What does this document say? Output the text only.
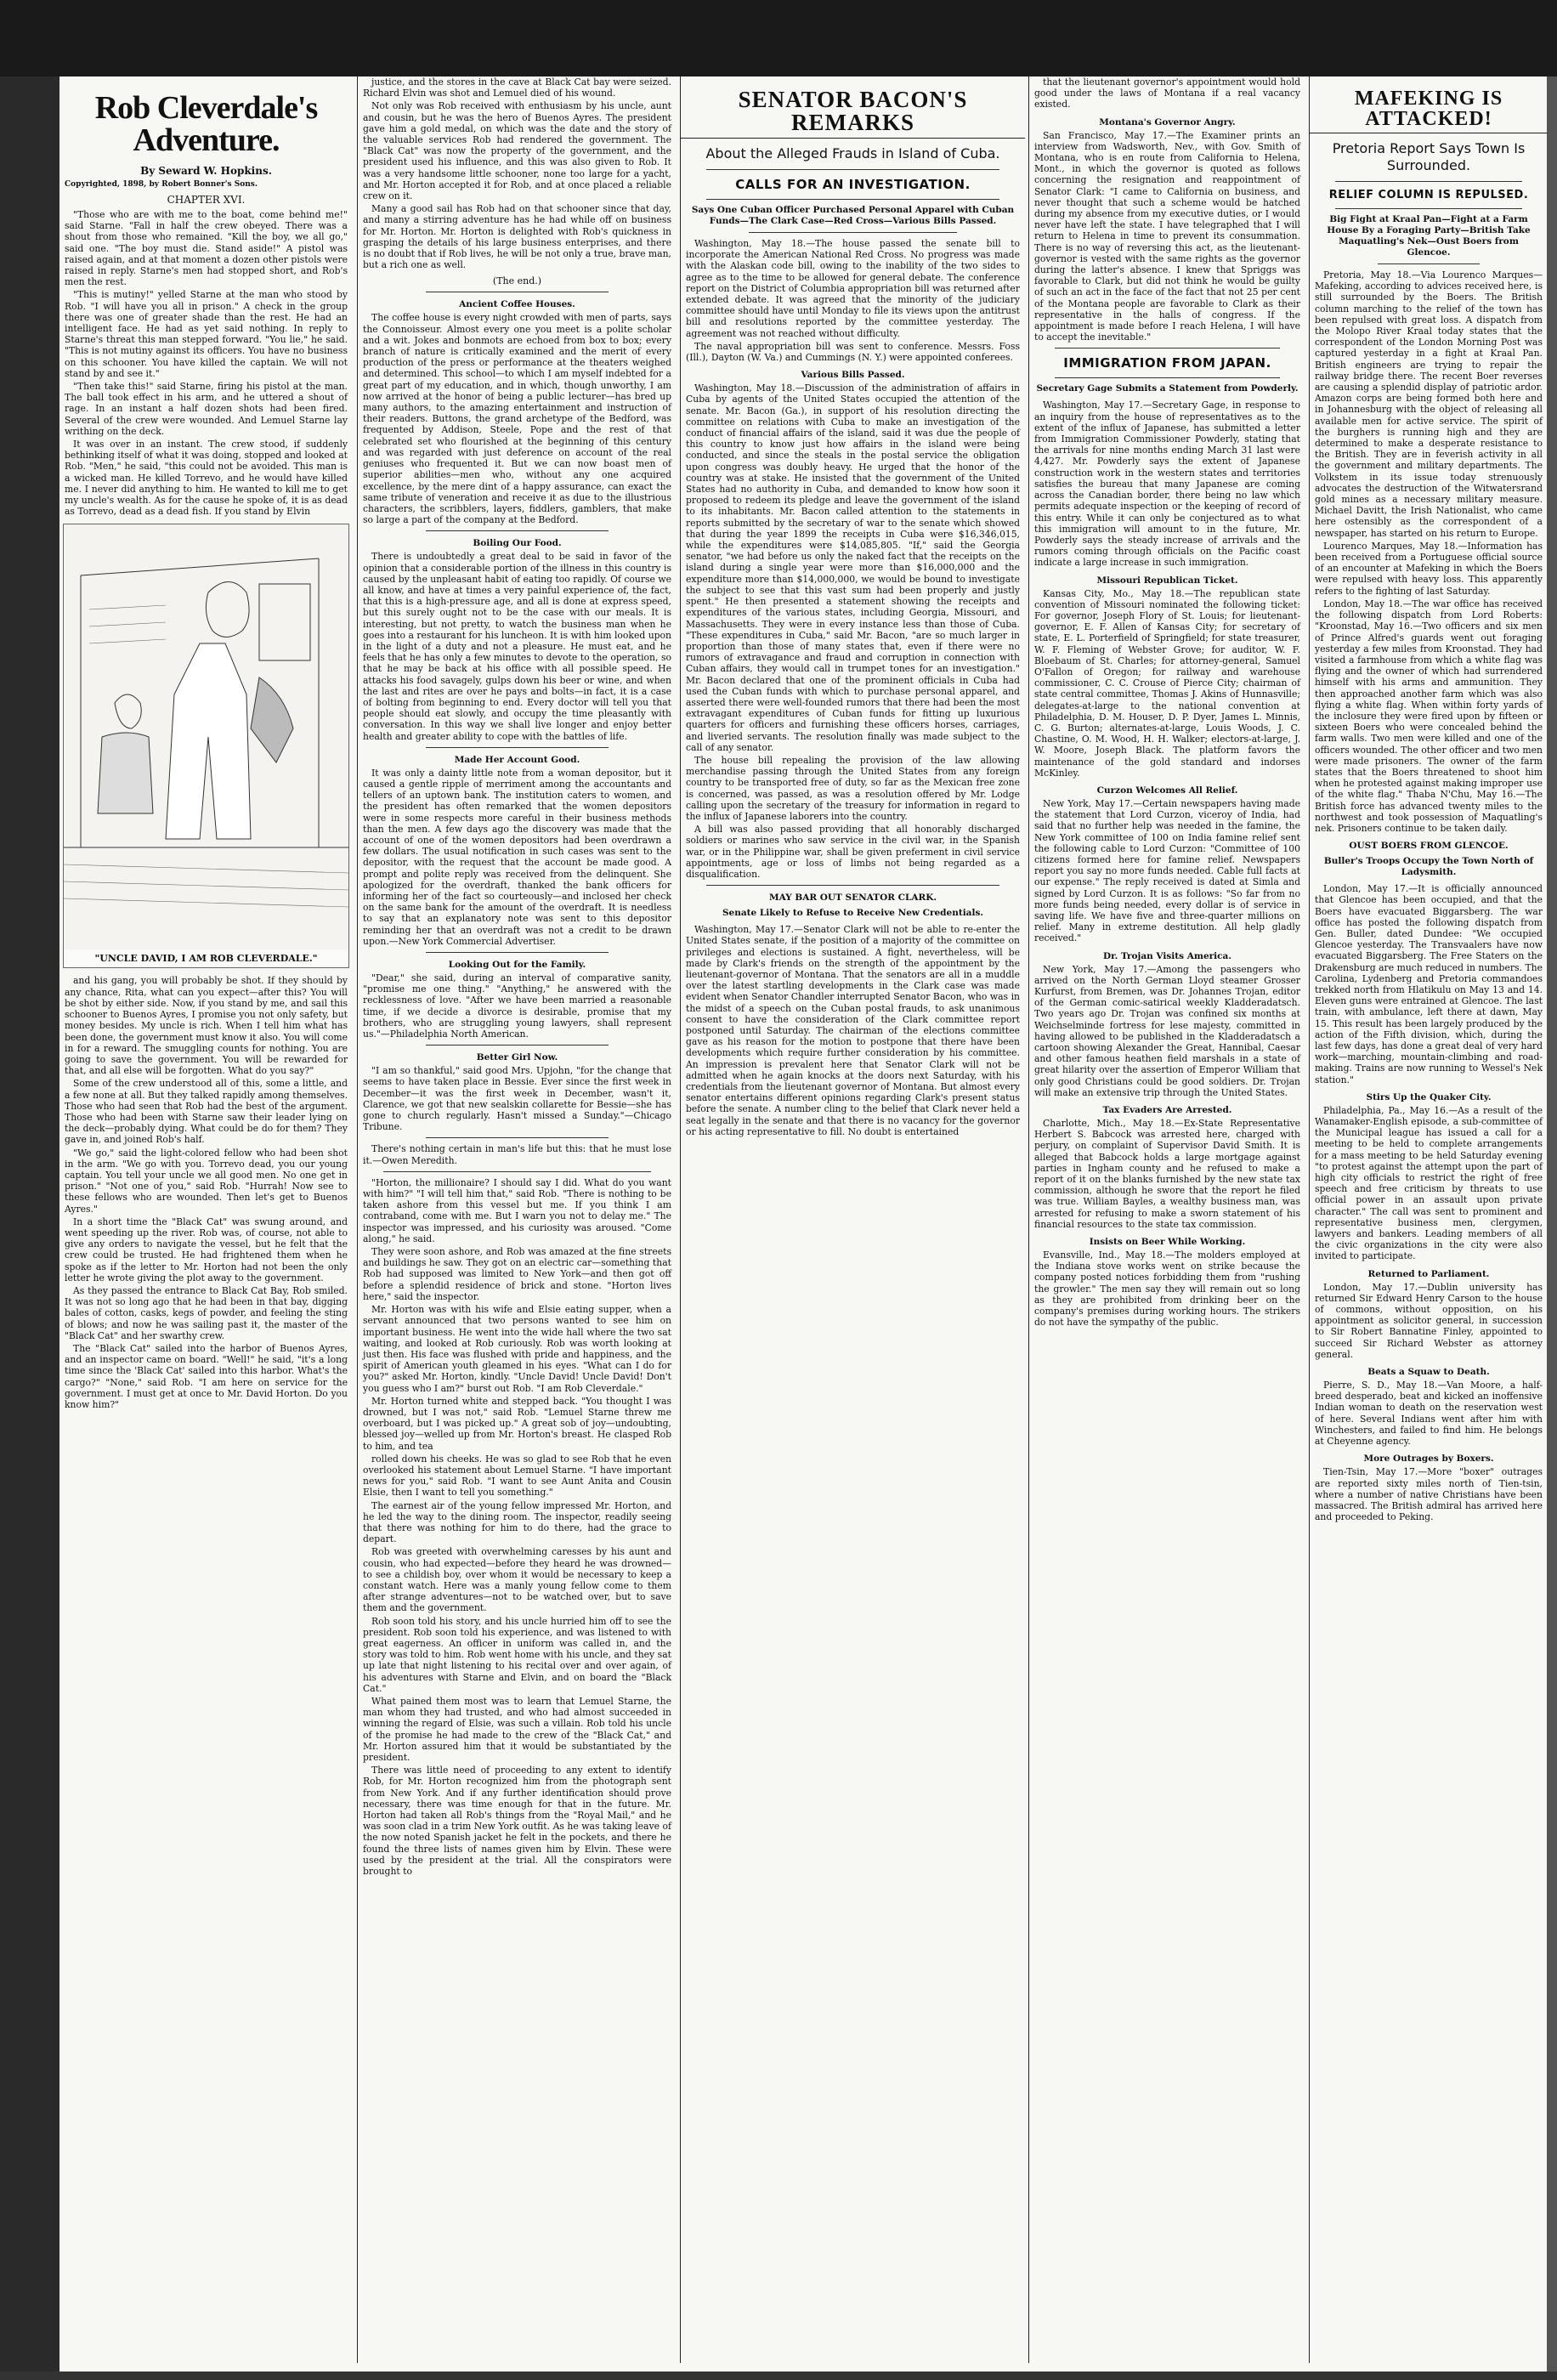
Rob Cleverdale's Adventure.
By Seward W. Hopkins.
Copyrighted, 1898, by Robert Bonner's Sons.
CHAPTER XVI.

"Those who are with me to the boat, come behind me!" said Starne. "Fall in half the crew obeyed. There was a shout from those who remained. "Kill the boy, we all go," said one. "The boy must die. Stand aside!" A pistol was raised again, and at that moment a dozen other pistols were raised in reply. Starne's men had stopped short, and Rob's men the rest.

"This is mutiny!" yelled Starne at the man who stood by Rob. "I will have you all in prison." A check in the group there was one of greater shade than the rest. He had an intelligent face. He had as yet said nothing. In reply to Starne's threat this man stepped forward. "You lie," he said. "This is not mutiny against its officers. You have no business on this schooner. You have killed the captain. We will not stand by and see it."

"Then take this!" said Starne, firing his pistol at the man. The ball took effect in his arm, and he uttered a shout of rage. In an instant a half dozen shots had been fired. Several of the crew were wounded. And Lemuel Starne lay writhing on the deck.

It was over in an instant. The crew stood, if suddenly bethinking itself of what it was doing, stopped and looked at Rob. "Men," he said, "this could not be avoided. This man is a wicked man. He killed Torrevo, and he would have killed me. I never did anything to him. He wanted to kill me to get my uncle's wealth. As for the cause he spoke of, it is as dead as Torrevo, dead as a dead fish. If you stand by Elvin

"UNCLE DAVID, I AM ROB CLEVERDALE."

and his gang, you will probably be shot. If they should by any chance, Rita, what can you expect—after this? You will be shot by either side. Now, if you stand by me, and sail this schooner to Buenos Ayres, I promise you not only safety, but money besides. My uncle is rich. When I tell him what has been done, the government must know it also. You will come in for a reward. The smuggling counts for nothing. You are going to save the government. You will be rewarded for that, and all else will be forgotten. What do you say?"

Some of the crew understood all of this, some a little, and a few none at all. But they talked rapidly among themselves. Those who had seen that Rob had the best of the argument. Those who had been with Starne saw their leader lying on the deck—probably dying. What could be do for them? They gave in, and joined Rob's half.

"We go," said the light-colored fellow who had been shot in the arm. "We go with you. Torrevo dead, you our young captain. You tell your uncle we all good men. No one get in prison." "Not one of you," said Rob. "Hurrah! Now see to these fellows who are wounded. Then let's get to Buenos Ayres."

In a short time the "Black Cat" was swung around, and went speeding up the river. Rob was, of course, not able to give any orders to navigate the vessel, but he felt that the crew could be trusted. He had frightened them when he spoke as if the letter to Mr. Horton had not been the only letter he wrote giving the plot away to the government.

As they passed the entrance to Black Cat Bay, Rob smiled. It was not so long ago that he had been in that bay, digging bales of cotton, casks, kegs of powder, and feeling the sting of blows; and now he was sailing past it, the master of the "Black Cat" and her swarthy crew.

The "Black Cat" sailed into the harbor of Buenos Ayres, and an inspector came on board. "Well!" he said, "it's a long time since the 'Black Cat' sailed into this harbor. What's the cargo?" "None," said Rob. "I am here on service for the government. I must get at once to Mr. David Horton. Do you know him?"

justice, and the stores in the cave at Black Cat bay were seized. Richard Elvin was shot and Lemuel died of his wound.

Not only was Rob received with enthusiasm by his uncle, aunt and cousin, but he was the hero of Buenos Ayres. The president gave him a gold medal, on which was the date and the story of the valuable services Rob had rendered the government. The "Black Cat" was now the property of the government, and the president used his influence, and this was also given to Rob. It was a very handsome little schooner, none too large for a yacht, and Mr. Horton accepted it for Rob, and at once placed a reliable crew on it.

Many a good sail has Rob had on that schooner since that day, and many a stirring adventure has he had while off on business for Mr. Horton. Mr. Horton is delighted with Rob's quickness in grasping the details of his large business enterprises, and there is no doubt that if Rob lives, he will be not only a true, brave man, but a rich one as well.

(The end.)
Ancient Coffee Houses.

The coffee house is every night crowded with men of parts, says the Connoisseur. Almost every one you meet is a polite scholar and a wit. Jokes and bonmots are echoed from box to box; every branch of nature is critically examined and the merit of every production of the press or performance at the theaters weighed and determined. This school—to which I am myself indebted for a great part of my education, and in which, though unworthy, I am now arrived at the honor of being a public lecturer—has bred up many authors, to the amazing entertainment and instruction of their readers. Buttons, the grand archetype of the Bedford, was frequented by Addison, Steele, Pope and the rest of that celebrated set who flourished at the beginning of this century and was regarded with just deference on account of the real geniuses who frequented it. But we can now boast men of superior abilities—men who, without any one acquired excellence, by the mere dint of a happy assurance, can exact the same tribute of veneration and receive it as due to the illustrious characters, the scribblers, layers, fiddlers, gamblers, that make so large a part of the company at the Bedford.

Boiling Our Food.

There is undoubtedly a great deal to be said in favor of the opinion that a considerable portion of the illness in this country is caused by the unpleasant habit of eating too rapidly. Of course we all know, and have at times a very painful experience of, the fact, that this is a high-pressure age, and all is done at express speed, but this surely ought not to be the case with our meals. It is interesting, but not pretty, to watch the business man when he goes into a restaurant for his luncheon. It is with him looked upon in the light of a duty and not a pleasure. He must eat, and he feels that he has only a few minutes to devote to the operation, so that he may be back at his office with all possible speed. He attacks his food savagely, gulps down his beer or wine, and when the last and rites are over he pays and bolts—in fact, it is a case of bolting from beginning to end. Every doctor will tell you that people should eat slowly, and occupy the time pleasantly with conversation. In this way we shall live longer and enjoy better health and greater ability to cope with the battles of life.

Made Her Account Good.

It was only a dainty little note from a woman depositor, but it caused a gentle ripple of merriment among the accountants and tellers of an uptown bank. The institution caters to women, and the president has often remarked that the women depositors were in some respects more careful in their business methods than the men. A few days ago the discovery was made that the account of one of the women depositors had been overdrawn a few dollars. The usual notification in such cases was sent to the depositor, with the request that the account be made good. A prompt and polite reply was received from the delinquent. She apologized for the overdraft, thanked the bank officers for informing her of the fact so courteously—and inclosed her check on the same bank for the amount of the overdraft. It is needless to say that an explanatory note was sent to this depositor reminding her that an overdraft was not a credit to be drawn upon.—New York Commercial Advertiser.

Looking Out for the Family.

"Dear," she said, during an interval of comparative sanity, "promise me one thing." "Anything," he answered with the recklessness of love. "After we have been married a reasonable time, if we decide a divorce is desirable, promise that my brothers, who are struggling young lawyers, shall represent us."—Philadelphia North American.

Better Girl Now.

"I am so thankful," said good Mrs. Upjohn, "for the change that seems to have taken place in Bessie. Ever since the first week in December—it was the first week in December, wasn't it, Clarence, we got that new sealskin collarette for Bessie—she has gone to church regularly. Hasn't missed a Sunday."—Chicago Tribune.

There's nothing certain in man's life but this: that he must lose it.—Owen Meredith.

"Horton, the millionaire? I should say I did. What do you want with him?" "I will tell him that," said Rob. "There is nothing to be taken ashore from this vessel but me. If you think I am contraband, come with me. But I warn you not to delay me." The inspector was impressed, and his curiosity was aroused. "Come along," he said.

They were soon ashore, and Rob was amazed at the fine streets and buildings he saw. They got on an electric car—something that Rob had supposed was limited to New York—and then got off before a splendid residence of brick and stone. "Horton lives here," said the inspector.

Mr. Horton was with his wife and Elsie eating supper, when a servant announced that two persons wanted to see him on important business. He went into the wide hall where the two sat waiting, and looked at Rob curiously. Rob was worth looking at just then. His face was flushed with pride and happiness, and the spirit of American youth gleamed in his eyes. "What can I do for you?" asked Mr. Horton, kindly. "Uncle David! Uncle David! Don't you guess who I am?" burst out Rob. "I am Rob Cleverdale."

Mr. Horton turned white and stepped back. "You thought I was drowned, but I was not," said Rob. "Lemuel Starne threw me overboard, but I was picked up." A great sob of joy—undoubting, blessed joy—welled up from Mr. Horton's breast. He clasped Rob to him, and tea

rolled down his cheeks. He was so glad to see Rob that he even overlooked his statement about Lemuel Starne. "I have important news for you," said Rob. "I want to see Aunt Anita and Cousin Elsie, then I want to tell you something."

The earnest air of the young fellow impressed Mr. Horton, and he led the way to the dining room. The inspector, readily seeing that there was nothing for him to do there, had the grace to depart.

Rob was greeted with overwhelming caresses by his aunt and cousin, who had expected—before they heard he was drowned—to see a childish boy, over whom it would be necessary to keep a constant watch. Here was a manly young fellow come to them after strange adventures—not to be watched over, but to save them and the government.

Rob soon told his story, and his uncle hurried him off to see the president. Rob soon told his experience, and was listened to with great eagerness. An officer in uniform was called in, and the story was told to him. Rob went home with his uncle, and they sat up late that night listening to his recital over and over again, of his adventures with Starne and Elvin, and on board the "Black Cat."

What pained them most was to learn that Lemuel Starne, the man whom they had trusted, and who had almost succeeded in winning the regard of Elsie, was such a villain. Rob told his uncle of the promise he had made to the crew of the "Black Cat," and Mr. Horton assured him that it would be substantiated by the president.

There was little need of proceeding to any extent to identify Rob, for Mr. Horton recognized him from the photograph sent from New York. And if any further identification should prove necessary, there was time enough for that in the future. Mr. Horton had taken all Rob's things from the "Royal Mail," and he was soon clad in a trim New York outfit. As he was taking leave of the now noted Spanish jacket he felt in the pockets, and there he found the three lists of names given him by Elvin. These were used by the president at the trial. All the conspirators were brought to

SENATOR BACON'S REMARKS
About the Alleged Frauds in Island of Cuba.
CALLS FOR AN INVESTIGATION.
Says One Cuban Officer Purchased Personal Apparel with Cuban Funds—The Clark Case—Red Cross—Various Bills Passed.

Washington, May 18.—The house passed the senate bill to incorporate the American National Red Cross. No progress was made with the Alaskan code bill, owing to the inability of the two sides to agree as to the time to be allowed for general debate. The conference report on the District of Columbia appropriation bill was returned after extended debate. It was agreed that the minority of the judiciary committee should have until Monday to file its views upon the antitrust bill and resolutions reported by the committee yesterday. The agreement was not reached without difficulty.

The naval appropriation bill was sent to conference. Messrs. Foss (Ill.), Dayton (W. Va.) and Cummings (N. Y.) were appointed conferees.

Various Bills Passed.

Washington, May 18.—Discussion of the administration of affairs in Cuba by agents of the United States occupied the attention of the senate. Mr. Bacon (Ga.), in support of his resolution directing the committee on relations with Cuba to make an investigation of the conduct of financial affairs of the island, said it was due the people of this country to know just how affairs in the island were being conducted, and since the steals in the postal service the obligation upon congress was doubly heavy. He urged that the honor of the country was at stake. He insisted that the government of the United States had no authority in Cuba, and demanded to know how soon it proposed to redeem its pledge and leave the government of the island to its inhabitants. Mr. Bacon called attention to the statements in reports submitted by the secretary of war to the senate which showed that during the year 1899 the receipts in Cuba were $16,346,015, while the expenditures were $14,085,805. "If," said the Georgia senator, "we had before us only the naked fact that the receipts on the island during a single year were more than $16,000,000 and the expenditure more than $14,000,000, we would be bound to investigate the subject to see that this vast sum had been properly and justly spent." He then presented a statement showing the receipts and expenditures of the various states, including Georgia, Missouri, and Massachusetts. They were in every instance less than those of Cuba. "These expenditures in Cuba," said Mr. Bacon, "are so much larger in proportion than those of many states that, even if there were no rumors of extravagance and fraud and corruption in connection with Cuban affairs, they would call in trumpet tones for an investigation." Mr. Bacon declared that one of the prominent officials in Cuba had used the Cuban funds with which to purchase personal apparel, and asserted there were well-founded rumors that there had been the most extravagant expenditures of Cuban funds for fitting up luxurious quarters for officers and furnishing these officers horses, carriages, and liveried servants. The resolution finally was made subject to the call of any senator.

The house bill repealing the provision of the law allowing merchandise passing through the United States from any foreign country to be transported free of duty, so far as the Mexican free zone is concerned, was passed, as was a resolution offered by Mr. Lodge calling upon the secretary of the treasury for information in regard to the influx of Japanese laborers into the country.

A bill was also passed providing that all honorably discharged soldiers or marines who saw service in the civil war, in the Spanish war, or in the Philippine war, shall be given preferment in civil service appointments, age or loss of limbs not being regarded as a disqualification.

MAY BAR OUT SENATOR CLARK.
Senate Likely to Refuse to Receive New Credentials.

Washington, May 17.—Senator Clark will not be able to re-enter the United States senate, if the position of a majority of the committee on privileges and elections is sustained. A fight, nevertheless, will be made by Clark's friends on the strength of the appointment by the lieutenant-governor of Montana. That the senators are all in a muddle over the latest startling developments in the Clark case was made evident when Senator Chandler interrupted Senator Bacon, who was in the midst of a speech on the Cuban postal frauds, to ask unanimous consent to have the consideration of the Clark committee report postponed until Saturday. The chairman of the elections committee gave as his reason for the motion to postpone that there have been developments which require further consideration by his committee. An impression is prevalent here that Senator Clark will not be admitted when he again knocks at the doors next Saturday, with his credentials from the lieutenant governor of Montana. But almost every senator entertains different opinions regarding Clark's present status before the senate. A number cling to the belief that Clark never held a seat legally in the senate and that there is no vacancy for the governor or his acting representative to fill. No doubt is entertained

that the lieutenant governor's appointment would hold good under the laws of Montana if a real vacancy existed.

Montana's Governor Angry.

San Francisco, May 17.—The Examiner prints an interview from Wadsworth, Nev., with Gov. Smith of Montana, who is en route from California to Helena, Mont., in which the governor is quoted as follows concerning the resignation and reappointment of Senator Clark: "I came to California on business, and never thought that such a scheme would be hatched during my absence from my executive duties, or I would never have left the state. I have telegraphed that I will return to Helena in time to prevent its consummation. There is no way of reversing this act, as the lieutenant-governor is vested with the same rights as the governor during the latter's absence. I knew that Spriggs was favorable to Clark, but did not think he would be guilty of such an act in the face of the fact that not 25 per cent of the Montana people are favorable to Clark as their representative in the halls of congress. If the appointment is made before I reach Helena, I will have to accept the inevitable."

IMMIGRATION FROM JAPAN.
Secretary Gage Submits a Statement from Powderly.

Washington, May 17.—Secretary Gage, in response to an inquiry from the house of representatives as to the extent of the influx of Japanese, has submitted a letter from Immigration Commissioner Powderly, stating that the arrivals for nine months ending March 31 last were 4,427. Mr. Powderly says the extent of Japanese construction work in the western states and territories satisfies the bureau that many Japanese are coming across the Canadian border, there being no law which permits adequate inspection or the keeping of record of this entry. While it can only be conjectured as to what this immigration will amount to in the future, Mr. Powderly says the steady increase of arrivals and the rumors coming through officials on the Pacific coast indicate a large increase in such immigration.

Missouri Republican Ticket.

Kansas City, Mo., May 18.—The republican state convention of Missouri nominated the following ticket: For governor, Joseph Flory of St. Louis; for lieutenant-governor, E. F. Allen of Kansas City; for secretary of state, E. L. Porterfield of Springfield; for state treasurer, W. F. Fleming of Webster Grove; for auditor, W. F. Bloebaum of St. Charles; for attorney-general, Samuel O'Fallon of Oregon; for railway and warehouse commissioner, C. C. Crouse of Pierce City; chairman of state central committee, Thomas J. Akins of Hunnasville; delegates-at-large to the national convention at Philadelphia, D. M. Houser, D. P. Dyer, James L. Minnis, C. G. Burton; alternates-at-large, Louis Woods, J. C. Chastine, O. M. Wood, H. H. Walker; electors-at-large, J. W. Moore, Joseph Black. The platform favors the maintenance of the gold standard and indorses McKinley.

Curzon Welcomes All Relief.

New York, May 17.—Certain newspapers having made the statement that Lord Curzon, viceroy of India, had said that no further help was needed in the famine, the New York committee of 100 on India famine relief sent the following cable to Lord Curzon: "Committee of 100 citizens formed here for famine relief. Newspapers report you say no more funds needed. Cable full facts at our expense." The reply received is dated at Simla and signed by Lord Curzon. It is as follows: "So far from no more funds being needed, every dollar is of service in saving life. We have five and three-quarter millions on relief. Many in extreme destitution. All help gladly received."

Dr. Trojan Visits America.

New York, May 17.—Among the passengers who arrived on the North German Lloyd steamer Grosser Kurfurst, from Bremen, was Dr. Johannes Trojan, editor of the German comic-satirical weekly Kladderadatsch. Two years ago Dr. Trojan was confined six months at Weichselminde fortress for lese majesty, committed in having allowed to be published in the Kladderadatsch a cartoon showing Alexander the Great, Hannibal, Caesar and other famous heathen field marshals in a state of great hilarity over the assertion of Emperor William that only good Christians could be good soldiers. Dr. Trojan will make an extensive trip through the United States.

Tax Evaders Are Arrested.

Charlotte, Mich., May 18.—Ex-State Representative Herbert S. Babcock was arrested here, charged with perjury, on complaint of Supervisor David Smith. It is alleged that Babcock holds a large mortgage against parties in Ingham county and he refused to make a report of it on the blanks furnished by the new state tax commission, although he swore that the report he filed was true. William Bayles, a wealthy business man, was arrested for refusing to make a sworn statement of his financial resources to the state tax commission.

Insists on Beer While Working.

Evansville, Ind., May 18.—The molders employed at the Indiana stove works went on strike because the company posted notices forbidding them from "rushing the growler." The men say they will remain out so long as they are prohibited from drinking beer on the company's premises during working hours. The strikers do not have the sympathy of the public.

MAFEKING IS ATTACKED!
Pretoria Report Says Town Is Surrounded.
RELIEF COLUMN IS REPULSED.
Big Fight at Kraal Pan—Fight at a Farm House By a Foraging Party—British Take Maquatling's Nek—Oust Boers from Glencoe.

Pretoria, May 18.—Via Lourenco Marques—Mafeking, according to advices received here, is still surrounded by the Boers. The British column marching to the relief of the town has been repulsed with great loss. A dispatch from the Molopo River Kraal today states that the correspondent of the London Morning Post was captured yesterday in a fight at Kraal Pan. British engineers are trying to repair the railway bridge there. The recent Boer reverses are causing a splendid display of patriotic ardor. Amazon corps are being formed both here and in Johannesburg with the object of releasing all available men for active service. The spirit of the burghers is running high and they are determined to make a desperate resistance to the British. They are in feverish activity in all the government and military departments. The Volkstem in its issue today strenuously advocates the destruction of the Witwatersrand gold mines as a necessary military measure. Michael Davitt, the Irish Nationalist, who came here ostensibly as the correspondent of a newspaper, has started on his return to Europe.

Lourenco Marques, May 18.—Information has been received from a Portuguese official source of an encounter at Mafeking in which the Boers were repulsed with heavy loss. This apparently refers to the fighting of last Saturday.

London, May 18.—The war office has received the following dispatch from Lord Roberts: "Kroonstad, May 16.—Two officers and six men of Prince Alfred's guards went out foraging yesterday a few miles from Kroonstad. They had visited a farmhouse from which a white flag was flying and the owner of which had surrendered himself with his arms and ammunition. They then approached another farm which was also flying a white flag. When within forty yards of the inclosure they were fired upon by fifteen or sixteen Boers who were concealed behind the farm walls. Two men were killed and one of the officers wounded. The other officer and two men were made prisoners. The owner of the farm states that the Boers threatened to shoot him when he protested against making improper use of the white flag." Thaba N'Chu, May 16.—The British force has advanced twenty miles to the northwest and took possession of Maquatling's nek. Prisoners continue to be taken daily.

OUST BOERS FROM GLENCOE.
Buller's Troops Occupy the Town North of Ladysmith.

London, May 17.—It is officially announced that Glencoe has been occupied, and that the Boers have evacuated Biggarsberg. The war office has posted the following dispatch from Gen. Buller, dated Dundee: "We occupied Glencoe yesterday. The Transvaalers have now evacuated Biggarsberg. The Free Staters on the Drakensburg are much reduced in numbers. The Carolina, Lydenberg and Pretoria commandoes trekked north from Hlatikulu on May 13 and 14. Eleven guns were entrained at Glencoe. The last train, with ambulance, left there at dawn, May 15. This result has been largely produced by the action of the Fifth division, which, during the last few days, has done a great deal of very hard work—marching, mountain-climbing and road-making. Trains are now running to Wessel's Nek station."

Stirs Up the Quaker City.

Philadelphia, Pa., May 16.—As a result of the Wanamaker-English episode, a sub-committee of the Municipal league has issued a call for a meeting to be held to complete arrangements for a mass meeting to be held Saturday evening "to protest against the attempt upon the part of high city officials to restrict the right of free speech and free criticism by threats to use official power in an assault upon private character." The call was sent to prominent and representative business men, clergymen, lawyers and bankers. Leading members of all the civic organizations in the city were also invited to participate.

Returned to Parliament.

London, May 17.—Dublin university has returned Sir Edward Henry Carson to the house of commons, without opposition, on his appointment as solicitor general, in succession to Sir Robert Bannatine Finley, appointed to succeed Sir Richard Webster as attorney general.

Beats a Squaw to Death.

Pierre, S. D., May 18.—Van Moore, a half-breed desperado, beat and kicked an inoffensive Indian woman to death on the reservation west of here. Several Indians went after him with Winchesters, and failed to find him. He belongs at Cheyenne agency.

More Outrages by Boxers.

Tien-Tsin, May 17.—More "boxer" outrages are reported sixty miles north of Tien-tsin, where a number of native Christians have been massacred. The British admiral has arrived here and proceeded to Peking.
